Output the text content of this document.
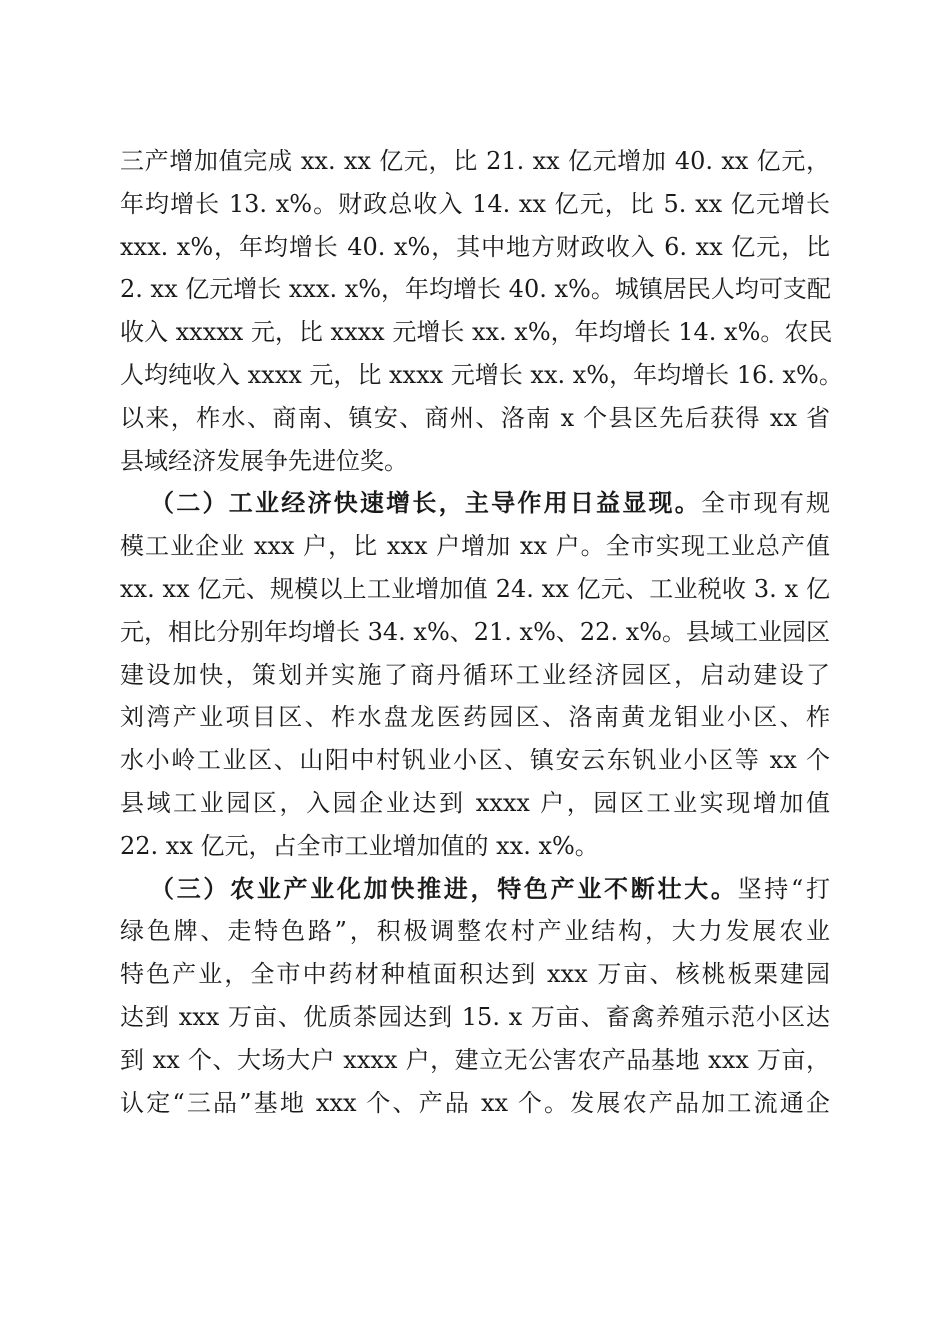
三产增加值完成 xx. xx 亿元，比 21. xx 亿元增加 40. xx 亿元，
年均增长 13. x%。财政总收入 14. xx 亿元，比 5. xx 亿元增长
xxx. x%，年均增长 40. x%，其中地方财政收入 6. xx 亿元，比
2. xx 亿元增长 xxx. x%，年均增长 40. x%。城镇居民人均可支配
收入 xxxxx 元，比 xxxx 元增长 xx. x%，年均增长 14. x%。农民
人均纯收入 xxxx 元，比 xxxx 元增长 xx. x%，年均增长 16. x%。
以来，柞水、商南、镇安、商州、洛南 x 个县区先后获得 xx 省
县域经济发展争先进位奖。
（二）工业经济快速增长，主导作用日益显现。全市现有规
模工业企业 xxx 户，比 xxx 户增加 xx 户。全市实现工业总产值
xx. xx 亿元、规模以上工业增加值 24. xx 亿元、工业税收 3. x 亿
元，相比分别年均增长 34. x%、21. x%、22. x%。县域工业园区
建设加快，策划并实施了商丹循环工业经济园区，启动建设了
刘湾产业项目区、柞水盘龙医药园区、洛南黄龙钼业小区、柞
水小岭工业区、山阳中村钒业小区、镇安云东钒业小区等 xx 个
县域工业园区，入园企业达到 xxxx 户，园区工业实现增加值
22. xx 亿元，占全市工业增加值的 xx. x%。
（三）农业产业化加快推进，特色产业不断壮大。坚持“打
绿色牌、走特色路”，积极调整农村产业结构，大力发展农业
特色产业，全市中药材种植面积达到 xxx 万亩、核桃板栗建园
达到 xxx 万亩、优质茶园达到 15. x 万亩、畜禽养殖示范小区达
到 xx 个、大场大户 xxxx 户，建立无公害农产品基地 xxx 万亩，
认定“三品”基地 xxx 个、产品 xx 个。发展农产品加工流通企
